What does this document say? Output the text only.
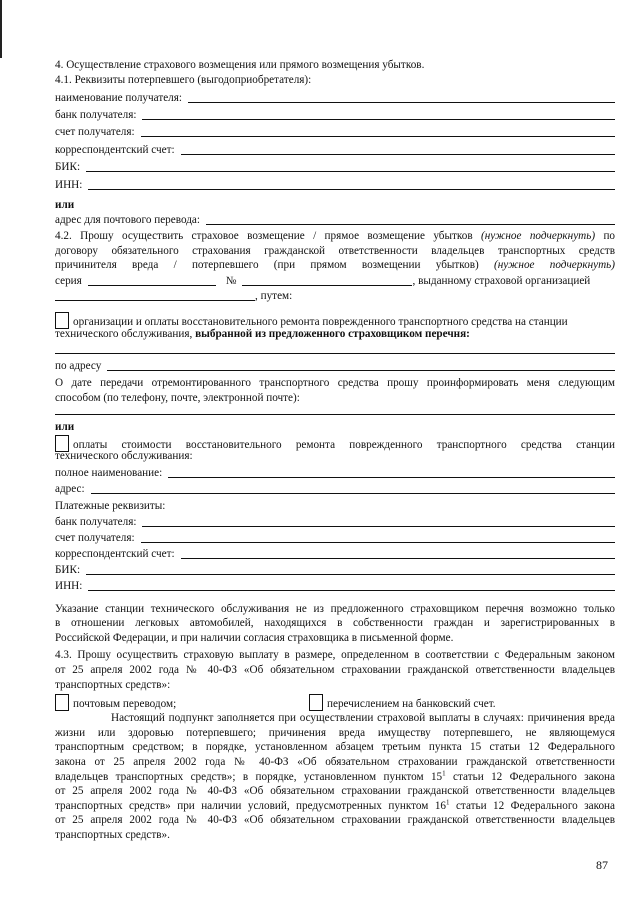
4. Осуществление страхового возмещения или прямого возмещения убытков.
4.1. Реквизиты потерпевшего (выгодоприобретателя):
наименование получателя:
банк получателя:
счет получателя:
корреспондентский счет:
БИК:
ИНН:
или
адрес для почтового перевода:
4.2. Прошу осуществить страховое возмещение / прямое возмещение убытков (нужное подчеркнуть) по
договору обязательного страхования гражданской ответственности владельцев транспортных средств
причинителя вреда / потерпевшего (при прямом возмещении убытков) (нужное подчеркнуть)
серия	№	, выданному страховой организацией
, путем:
организации и оплаты восстановительного ремонта поврежденного транспортного средства на станции
технического обслуживания, выбранной из предложенного страховщиком перечня:
по адресу
О дате передачи отремонтированного транспортного средства прошу проинформировать меня следующим
способом (по телефону, почте, электронной почте):
или
оплаты стоимости восстановительного ремонта поврежденного транспортного средства станции
технического обслуживания:
полное наименование:
адрес:
Платежные реквизиты:
банк получателя:
счет получателя:
корреспондентский счет:
БИК:
ИНН:
Указание станции технического обслуживания не из предложенного страховщиком перечня возможно только
в отношении легковых автомобилей, находящихся в собственности граждан и зарегистрированных в
Российской Федерации, и при наличии согласия страховщика в письменной форме.
4.3. Прошу осуществить страховую выплату в размере, определенном в соответствии с Федеральным законом
от 25 апреля 2002 года № 40-ФЗ «Об обязательном страховании гражданской ответственности владельцев
транспортных средств»:
почтовым переводом;	перечислением на банковский счет.
Настоящий подпункт заполняется при осуществлении страховой выплаты в случаях: причинения вреда
жизни или здоровью потерпевшего; причинения вреда имуществу потерпевшего, не являющемуся
транспортным средством; в порядке, установленном абзацем третьим пункта 15 статьи 12 Федерального
закона от 25 апреля 2002 года № 40-ФЗ «Об обязательном страховании гражданской ответственности
владельцев транспортных средств»; в порядке, установленном пунктом $15^1$ статьи 12 Федерального закона
от 25 апреля 2002 года № 40-ФЗ «Об обязательном страховании гражданской ответственности владельцев
транспортных средств» при наличии условий, предусмотренных пунктом $16^1$ статьи 12 Федерального закона
от 25 апреля 2002 года № 40-ФЗ «Об обязательном страховании гражданской ответственности владельцев
транспортных средств».
87
